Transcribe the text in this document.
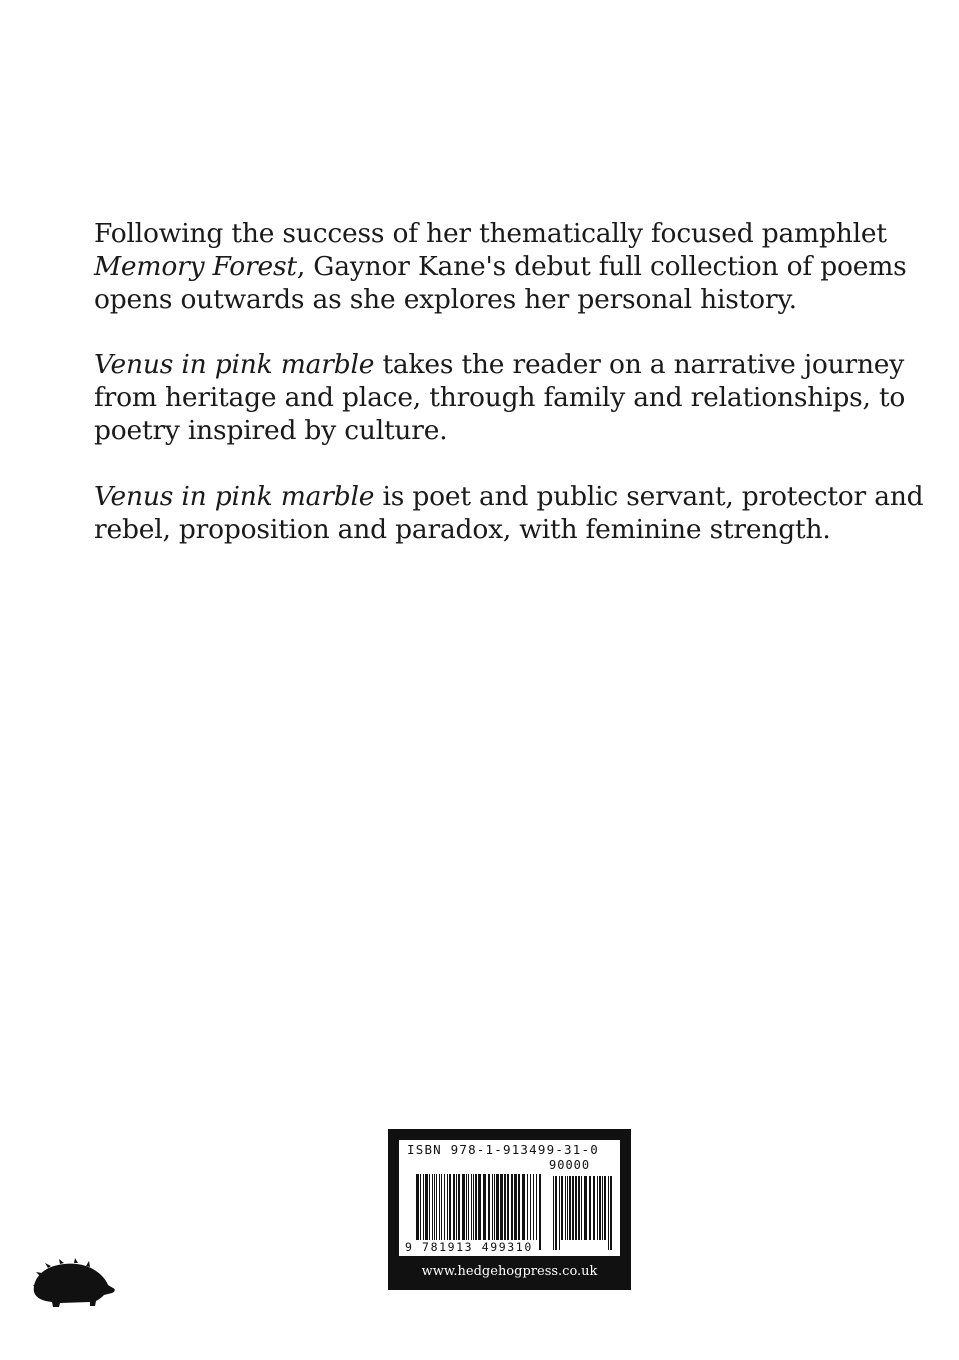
Following the success of her thematically focused pamphlet Memory Forest, Gaynor Kane's debut full collection of poems opens outwards as she explores her personal history.

Venus in pink marble takes the reader on a narrative journey from heritage and place, through family and relationships, to poetry inspired by culture.

Venus in pink marble is poet and public servant, protector and rebel, proposition and paradox, with feminine strength.

ISBN 978-1-913499-31-0
90000
9 781913 499310
www.hedgehogpress.co.uk
